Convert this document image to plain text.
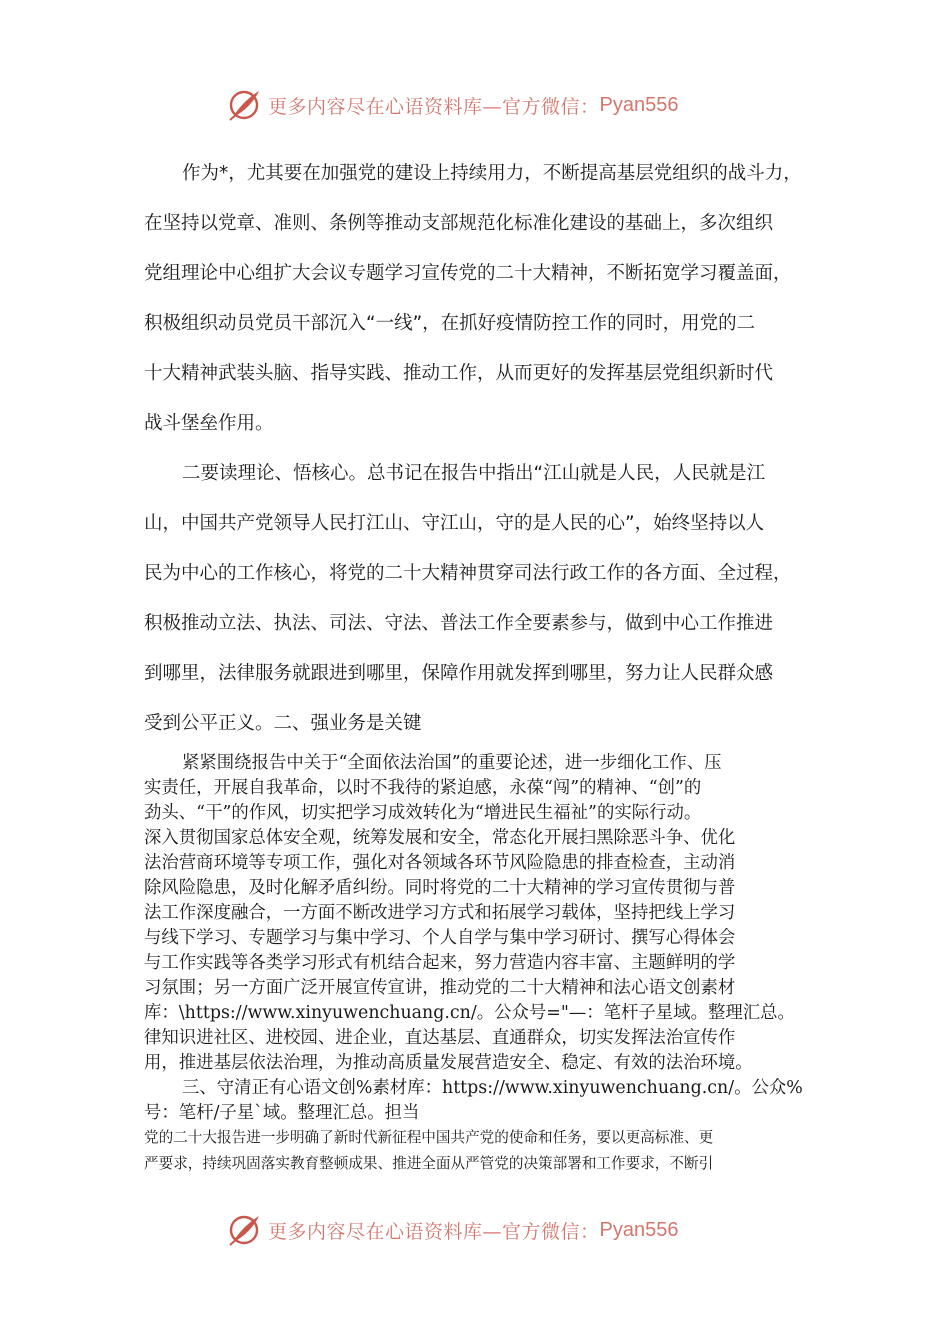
更多内容尽在心语资料库—官方微信： Pyan556
作为*，尤其要在加强党的建设上持续用力，不断提高基层党组织的战斗力，
在坚持以党章、准则、条例等推动支部规范化标准化建设的基础上，多次组织
党组理论中心组扩大会议专题学习宣传党的二十大精神，不断拓宽学习覆盖面，
积极组织动员党员干部沉入“一线”，在抓好疫情防控工作的同时，用党的二
十大精神武装头脑、指导实践、推动工作，从而更好的发挥基层党组织新时代
战斗堡垒作用。
二要读理论、悟核心。总书记在报告中指出“江山就是人民，人民就是江
山，中国共产党领导人民打江山、守江山，守的是人民的心”，始终坚持以人
民为中心的工作核心，将党的二十大精神贯穿司法行政工作的各方面、全过程，
积极推动立法、执法、司法、守法、普法工作全要素参与，做到中心工作推进
到哪里，法律服务就跟进到哪里，保障作用就发挥到哪里，努力让人民群众感
受到公平正义。二、强业务是关键
紧紧围绕报告中关于“全面依法治国”的重要论述，进一步细化工作、压
实责任，开展自我革命，以时不我待的紧迫感，永葆“闯”的精神、“创”的
劲头、“干”的作风，切实把学习成效转化为“增进民生福祉”的实际行动。
深入贯彻国家总体安全观，统筹发展和安全，常态化开展扫黑除恶斗争、优化
法治营商环境等专项工作，强化对各领域各环节风险隐患的排查检查，主动消
除风险隐患，及时化解矛盾纠纷。同时将党的二十大精神的学习宣传贯彻与普
法工作深度融合，一方面不断改进学习方式和拓展学习载体，坚持把线上学习
与线下学习、专题学习与集中学习、个人自学与集中学习研讨、撰写心得体会
与工作实践等各类学习形式有机结合起来，努力营造内容丰富、主题鲜明的学
习氛围；另一方面广泛开展宣传宣讲，推动党的二十大精神和法心语文创素材
库：\https://www.xinyuwenchuang.cn/。公众号="—：笔杆子星域。整理汇总。
律知识进社区、进校园、进企业，直达基层、直通群众，切实发挥法治宣传作
用，推进基层依法治理，为推动高质量发展营造安全、稳定、有效的法治环境。
三、守清正有心语文创%素材库：https://www.xinyuwenchuang.cn/。公众%
号：笔杆/子星`域。整理汇总。担当
党的二十大报告进一步明确了新时代新征程中国共产党的使命和任务，要以更高标准、更
严要求，持续巩固落实教育整顿成果、推进全面从严管党的决策部署和工作要求，不断引
更多内容尽在心语资料库—官方微信： Pyan556
